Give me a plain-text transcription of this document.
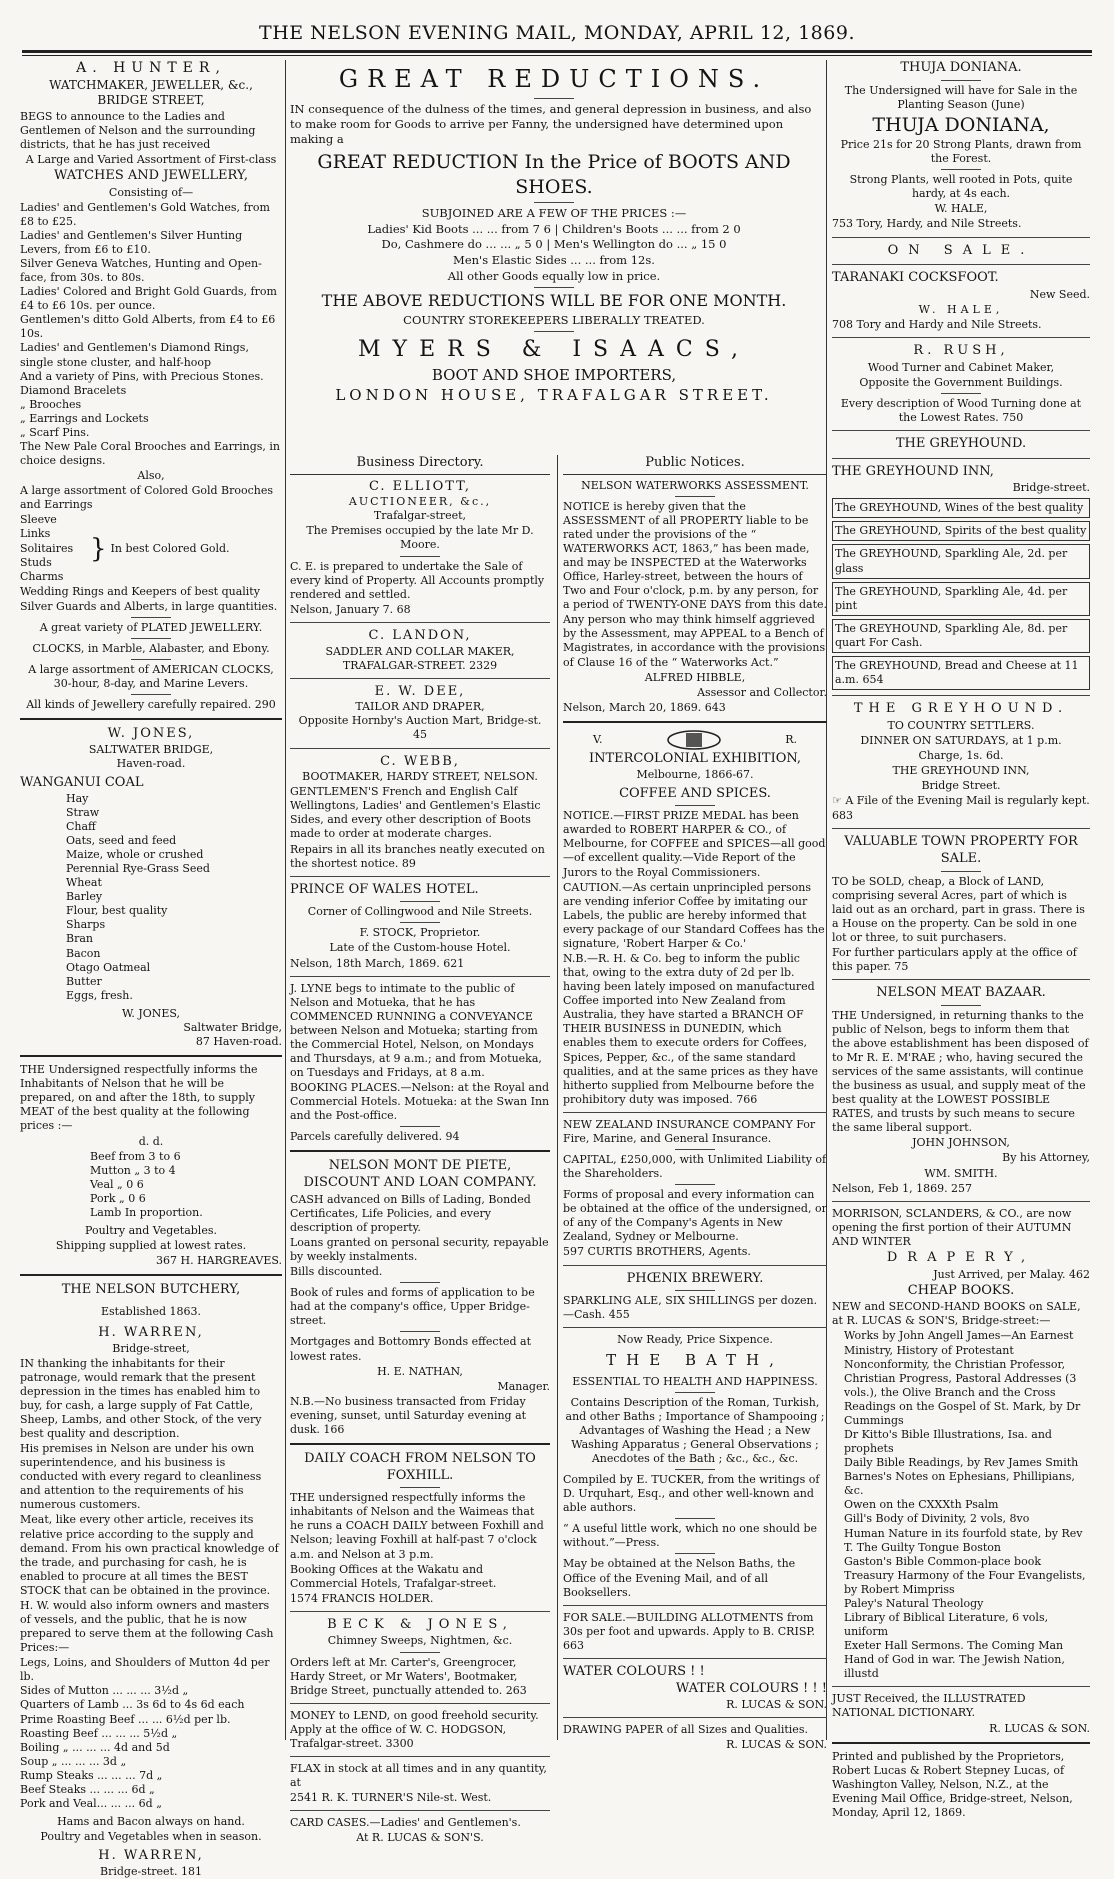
THE NELSON EVENING MAIL, MONDAY, APRIL 12, 1869.
A. HUNTER,
WATCHMAKER, JEWELLER, &c.,
BRIDGE STREET,

BEGS to announce to the Ladies and Gentlemen of Nelson and the surrounding districts, that he has just received

A Large and Varied Assortment of First-class

WATCHES AND JEWELLERY,

Consisting of—

Ladies' and Gentlemen's Gold Watches, from £8 to £25.
Ladies' and Gentlemen's Silver Hunting Levers, from £6 to £10.
Silver Geneva Watches, Hunting and Open-face, from 30s. to 80s.
Ladies' Colored and Bright Gold Guards, from £4 to £6 10s. per ounce.
Gentlemen's ditto Gold Alberts, from £4 to £6 10s.
Ladies' and Gentlemen's Diamond Rings, single stone cluster, and half-hoop
And a variety of Pins, with Precious Stones.
Diamond Bracelets
„ Brooches
„ Earrings and Lockets
„ Scarf Pins.
The New Pale Coral Brooches and Earrings, in choice designs.

Also,

A large assortment of Colored Gold Brooches and Earrings

Sleeve Links
Solitaires
Studs
Charms
} In best Colored Gold.

Wedding Rings and Keepers of best quality

Silver Guards and Alberts, in large quantities.

A great variety of PLATED JEWELLERY.

CLOCKS, in Marble, Alabaster, and Ebony.

A large assortment of AMERICAN CLOCKS, 30-hour, 8-day, and Marine Levers.

All kinds of Jewellery carefully repaired. 290

W. JONES,
SALTWATER BRIDGE,
Haven-road.
WANGANUI COAL
Hay
Straw
Chaff
Oats, seed and feed
Maize, whole or crushed
Perennial Rye-Grass Seed
Wheat
Barley
Flour, best quality
Sharps
Bran
Bacon
Otago Oatmeal
Butter
Eggs, fresh.
W. JONES,
Saltwater Bridge,
87 Haven-road.

THE Undersigned respectfully informs the Inhabitants of Nelson that he will be prepared, on and after the 18th, to supply MEAT of the best quality at the following prices :—

d. d.

Beef from 3 to 6
Mutton „ 3 to 4
Veal „ 0 6
Pork „ 0 6
Lamb In proportion.

Poultry and Vegetables.

Shipping supplied at lowest rates.

367 H. HARGREAVES.

THE NELSON BUTCHERY,
Established 1863.
H. WARREN,
Bridge-street,

IN thanking the inhabitants for their patronage, would remark that the present depression in the times has enabled him to buy, for cash, a large supply of Fat Cattle, Sheep, Lambs, and other Stock, of the very best quality and description.

His premises in Nelson are under his own superintendence, and his business is conducted with every regard to cleanliness and attention to the requirements of his numerous customers.

Meat, like every other article, receives its relative price according to the supply and demand. From his own practical knowledge of the trade, and purchasing for cash, he is enabled to procure at all times the BEST STOCK that can be obtained in the province.

H. W. would also inform owners and masters of vessels, and the public, that he is now prepared to serve them at the following Cash Prices:—

Legs, Loins, and Shoulders of Mutton 4d per lb.
Sides of Mutton ... ... ... 3½d „
Quarters of Lamb ... 3s 6d to 4s 6d each
Prime Roasting Beef ... ... 6½d per lb.
Roasting Beef ... ... ... 5½d „
Boiling „ ... ... ... 4d and 5d
Soup „ ... ... ... 3d „
Rump Steaks ... ... ... 7d „
Beef Steaks ... ... ... 6d „
Pork and Veal... ... ... 6d „

Hams and Bacon always on hand.

Poultry and Vegetables when in season.

H. WARREN,
Bridge-street. 181
GREAT REDUCTIONS.

IN consequence of the dulness of the times, and general depression in business, and also to make room for Goods to arrive per Fanny, the undersigned have determined upon making a

GREAT REDUCTION In the Price of BOOTS AND SHOES.

SUBJOINED ARE A FEW OF THE PRICES :—

Ladies' Kid Boots ... ... from 7 6 | Children's Boots ... ... from 2 0
Do, Cashmere do ... ... „ 5 0 | Men's Wellington do ... „ 15 0

Men's Elastic Sides ... ... from 12s.

All other Goods equally low in price.

THE ABOVE REDUCTIONS WILL BE FOR ONE MONTH.

COUNTRY STOREKEEPERS LIBERALLY TREATED.

MYERS & ISAACS,
BOOT AND SHOE IMPORTERS,
LONDON HOUSE, TRAFALGAR STREET.
Business Directory.
C. ELLIOTT,
AUCTIONEER, &c.,
Trafalgar-street,

The Premises occupied by the late Mr D. Moore.

C. E. is prepared to undertake the Sale of every kind of Property. All Accounts promptly rendered and settled.

Nelson, January 7. 68

C. LANDON,
SADDLER AND COLLAR MAKER,
TRAFALGAR-STREET. 2329
E. W. DEE,
TAILOR AND DRAPER,
Opposite Hornby's Auction Mart, Bridge-st. 45
C. WEBB,
BOOTMAKER, HARDY STREET, NELSON.

GENTLEMEN'S French and English Calf Wellingtons, Ladies' and Gentlemen's Elastic Sides, and every other description of Boots made to order at moderate charges.

Repairs in all its branches neatly executed on the shortest notice. 89

PRINCE OF WALES HOTEL.

Corner of Collingwood and Nile Streets.

F. STOCK, Proprietor.

Late of the Custom-house Hotel.

Nelson, 18th March, 1869. 621

J. LYNE begs to intimate to the public of Nelson and Motueka, that he has COMMENCED RUNNING a CONVEYANCE between Nelson and Motueka; starting from the Commercial Hotel, Nelson, on Mondays and Thursdays, at 9 a.m.; and from Motueka, on Tuesdays and Fridays, at 8 a.m.

BOOKING PLACES.—Nelson: at the Royal and Commercial Hotels. Motueka: at the Swan Inn and the Post-office.

Parcels carefully delivered. 94

NELSON MONT DE PIETE, DISCOUNT AND LOAN COMPANY.

CASH advanced on Bills of Lading, Bonded Certificates, Life Policies, and every description of property.

Loans granted on personal security, repayable by weekly instalments.

Bills discounted.

Book of rules and forms of application to be had at the company's office, Upper Bridge-street.

Mortgages and Bottomry Bonds effected at lowest rates.

H. E. NATHAN,

Manager.

N.B.—No business transacted from Friday evening, sunset, until Saturday evening at dusk. 166

DAILY COACH FROM NELSON TO FOXHILL.

THE undersigned respectfully informs the inhabitants of Nelson and the Waimeas that he runs a COACH DAILY between Foxhill and Nelson; leaving Foxhill at half-past 7 o'clock a.m. and Nelson at 3 p.m.

Booking Offices at the Wakatu and Commercial Hotels, Trafalgar-street.

1574 FRANCIS HOLDER.

BECK & JONES,

Chimney Sweeps, Nightmen, &c.

Orders left at Mr. Carter's, Greengrocer, Hardy Street, or Mr Waters', Bootmaker, Bridge Street, punctually attended to. 263

MONEY to LEND, on good freehold security. Apply at the office of W. C. HODGSON, Trafalgar-street. 3300

FLAX in stock at all times and in any quantity, at

2541 R. K. TURNER'S Nile-st. West.

CARD CASES.—Ladies' and Gentlemen's.

At R. LUCAS & SON'S.

Public Notices.
NELSON WATERWORKS ASSESSMENT.

NOTICE is hereby given that the ASSESSMENT of all PROPERTY liable to be rated under the provisions of the “ WATERWORKS ACT, 1863,” has been made, and may be INSPECTED at the Waterworks Office, Harley-street, between the hours of Two and Four o'clock, p.m. by any person, for a period of TWENTY-ONE DAYS from this date.

Any person who may think himself aggrieved by the Assessment, may APPEAL to a Bench of Magistrates, in accordance with the provisions of Clause 16 of the “ Waterworks Act.”

ALFRED HIBBLE,

Assessor and Collector.

Nelson, March 20, 1869. 643

V.	R.
INTERCOLONIAL EXHIBITION,
Melbourne, 1866-67.
COFFEE AND SPICES.

NOTICE.—FIRST PRIZE MEDAL has been awarded to ROBERT HARPER & CO., of Melbourne, for COFFEE and SPICES—all good—of excellent quality.—Vide Report of the Jurors to the Royal Commissioners.

CAUTION.—As certain unprincipled persons are vending inferior Coffee by imitating our Labels, the public are hereby informed that every package of our Standard Coffees has the signature, 'Robert Harper & Co.'

N.B.—R. H. & Co. beg to inform the public that, owing to the extra duty of 2d per lb. having been lately imposed on manufactured Coffee imported into New Zealand from Australia, they have started a BRANCH OF THEIR BUSINESS in DUNEDIN, which enables them to execute orders for Coffees, Spices, Pepper, &c., of the same standard qualities, and at the same prices as they have hitherto supplied from Melbourne before the prohibitory duty was imposed. 766

NEW ZEALAND INSURANCE COMPANY For Fire, Marine, and General Insurance.

CAPITAL, £250,000, with Unlimited Liability of the Shareholders.

Forms of proposal and every information can be obtained at the office of the undersigned, or of any of the Company's Agents in New Zealand, Sydney or Melbourne.

597 CURTIS BROTHERS, Agents.

PHŒNIX BREWERY.

SPARKLING ALE, SIX SHILLINGS per dozen.—Cash. 455

Now Ready, Price Sixpence.

THE BATH,

ESSENTIAL TO HEALTH AND HAPPINESS.

Contains Description of the Roman, Turkish, and other Baths ; Importance of Shampooing ; Advantages of Washing the Head ; a New Washing Apparatus ; General Observations ; Anecdotes of the Bath ; &c., &c., &c.

Compiled by E. TUCKER, from the writings of D. Urquhart, Esq., and other well-known and able authors.

“ A useful little work, which no one should be without.”—Press.

May be obtained at the Nelson Baths, the Office of the Evening Mail, and of all Booksellers.

FOR SALE.—BUILDING ALLOTMENTS from 30s per foot and upwards. Apply to B. CRISP. 663

WATER COLOURS ! !
WATER COLOURS ! ! !

R. LUCAS & SON.

DRAWING PAPER of all Sizes and Qualities.

R. LUCAS & SON.

THUJA DONIANA.

The Undersigned will have for Sale in the Planting Season (June)

THUJA DONIANA,

Price 21s for 20 Strong Plants, drawn from the Forest.

Strong Plants, well rooted in Pots, quite hardy, at 4s each.

W. HALE,

753 Tory, Hardy, and Nile Streets.

ON SALE.
TARANAKI COCKSFOOT.

New Seed.

W. HALE,

708 Tory and Hardy and Nile Streets.

R. RUSH,

Wood Turner and Cabinet Maker,

Opposite the Government Buildings.

Every description of Wood Turning done at the Lowest Rates. 750

THE GREYHOUND.
THE GREYHOUND INN,

Bridge-street.

The GREYHOUND, Wines of the best quality
The GREYHOUND, Spirits of the best quality
The GREYHOUND, Sparkling Ale, 2d. per glass
The GREYHOUND, Sparkling Ale, 4d. per pint
The GREYHOUND, Sparkling Ale, 8d. per quart For Cash.
The GREYHOUND, Bread and Cheese at 11 a.m. 654
THE GREYHOUND.

TO COUNTRY SETTLERS.

DINNER ON SATURDAYS, at 1 p.m.

Charge, 1s. 6d.

THE GREYHOUND INN,

Bridge Street.

☞ A File of the Evening Mail is regularly kept.

683

VALUABLE TOWN PROPERTY FOR SALE.

TO be SOLD, cheap, a Block of LAND, comprising several Acres, part of which is laid out as an orchard, part in grass. There is a House on the property. Can be sold in one lot or three, to suit purchasers.

For further particulars apply at the office of this paper. 75

NELSON MEAT BAZAAR.

THE Undersigned, in returning thanks to the public of Nelson, begs to inform them that the above establishment has been disposed of to Mr R. E. M'RAE ; who, having secured the services of the same assistants, will continue the business as usual, and supply meat of the best quality at the LOWEST POSSIBLE RATES, and trusts by such means to secure the same liberal support.

JOHN JOHNSON,

By his Attorney,

WM. SMITH.

Nelson, Feb 1, 1869. 257

MORRISON, SCLANDERS, & CO., are now opening the first portion of their AUTUMN AND WINTER

DRAPERY,

Just Arrived, per Malay. 462

CHEAP BOOKS.

NEW and SECOND-HAND BOOKS on SALE, at R. LUCAS & SON'S, Bridge-street:—

Works by John Angell James—An Earnest Ministry, History of Protestant Nonconformity, the Christian Professor, Christian Progress, Pastoral Addresses (3 vols.), the Olive Branch and the Cross
Readings on the Gospel of St. Mark, by Dr Cummings
Dr Kitto's Bible Illustrations, Isa. and prophets
Daily Bible Readings, by Rev James Smith
Barnes's Notes on Ephesians, Phillipians, &c.
Owen on the CXXXth Psalm
Gill's Body of Divinity, 2 vols, 8vo
Human Nature in its fourfold state, by Rev T. The Guilty Tongue Boston
Gaston's Bible Common-place book
Treasury Harmony of the Four Evangelists, by Robert Mimpriss
Paley's Natural Theology
Library of Biblical Literature, 6 vols, uniform
Exeter Hall Sermons. The Coming Man
Hand of God in war. The Jewish Nation, illustd

JUST Received, the ILLUSTRATED NATIONAL DICTIONARY.

R. LUCAS & SON.

Printed and published by the Proprietors, Robert Lucas & Robert Stepney Lucas, of Washington Valley, Nelson, N.Z., at the Evening Mail Office, Bridge-street, Nelson, Monday, April 12, 1869.
